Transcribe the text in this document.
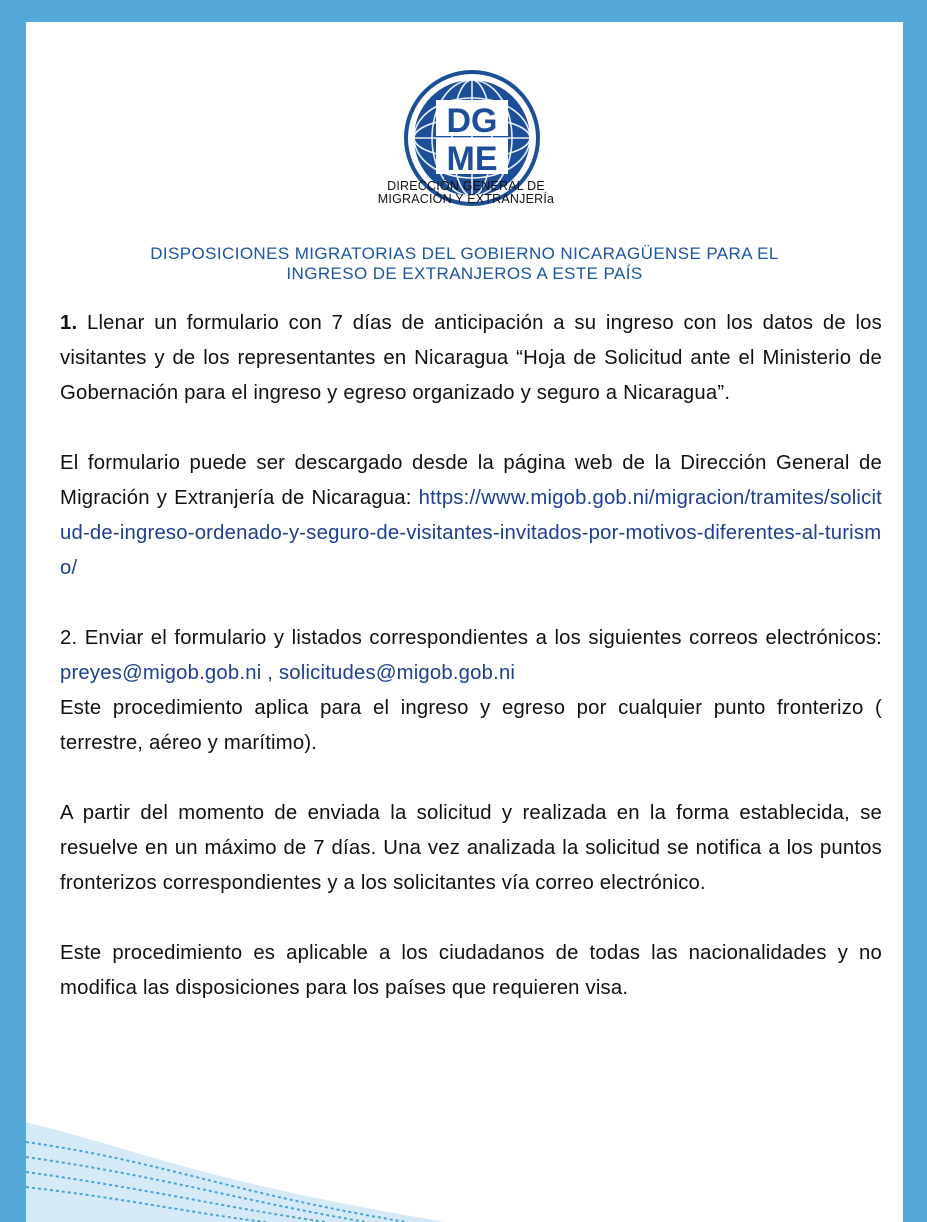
DG
ME
DIRECCIÓN GENERAL DE
MIGRACIÓN Y EXTRANJERÍa
DISPOSICIONES MIGRATORIAS DEL GOBIERNO NICARAGÜENSE PARA EL
INGRESO DE EXTRANJEROS A ESTE PAÍS

1. Llenar un formulario con 7 días de anticipación a su ingreso con los datos de los visitantes y de los representantes en Nicaragua “Hoja de Solicitud ante el Ministerio de Gobernación para el ingreso y egreso organizado y seguro a Nicaragua”.

El formulario puede ser descargado desde la página web de la Dirección General de Migración y Extranjería de Nicaragua: https://www.migob.gob.ni/migracion/tramites/solicitud-de-ingreso-ordenado-y-seguro-de-visitantes-invitados-por-motivos-diferentes-al-turismo/

2. Enviar el formulario y listados correspondientes a los siguientes correos electrónicos: preyes@migob.gob.ni , solicitudes@migob.gob.ni
Este procedimiento aplica para el ingreso y egreso por cualquier punto fronterizo ( terrestre, aéreo y marítimo).

A partir del momento de enviada la solicitud y realizada en la forma establecida, se resuelve en un máximo de 7 días. Una vez analizada la solicitud se notifica a los puntos fronterizos correspondientes y a los solicitantes vía correo electrónico.

Este procedimiento es aplicable a los ciudadanos de todas las nacionalidades y no modifica las disposiciones para los países que requieren visa.
